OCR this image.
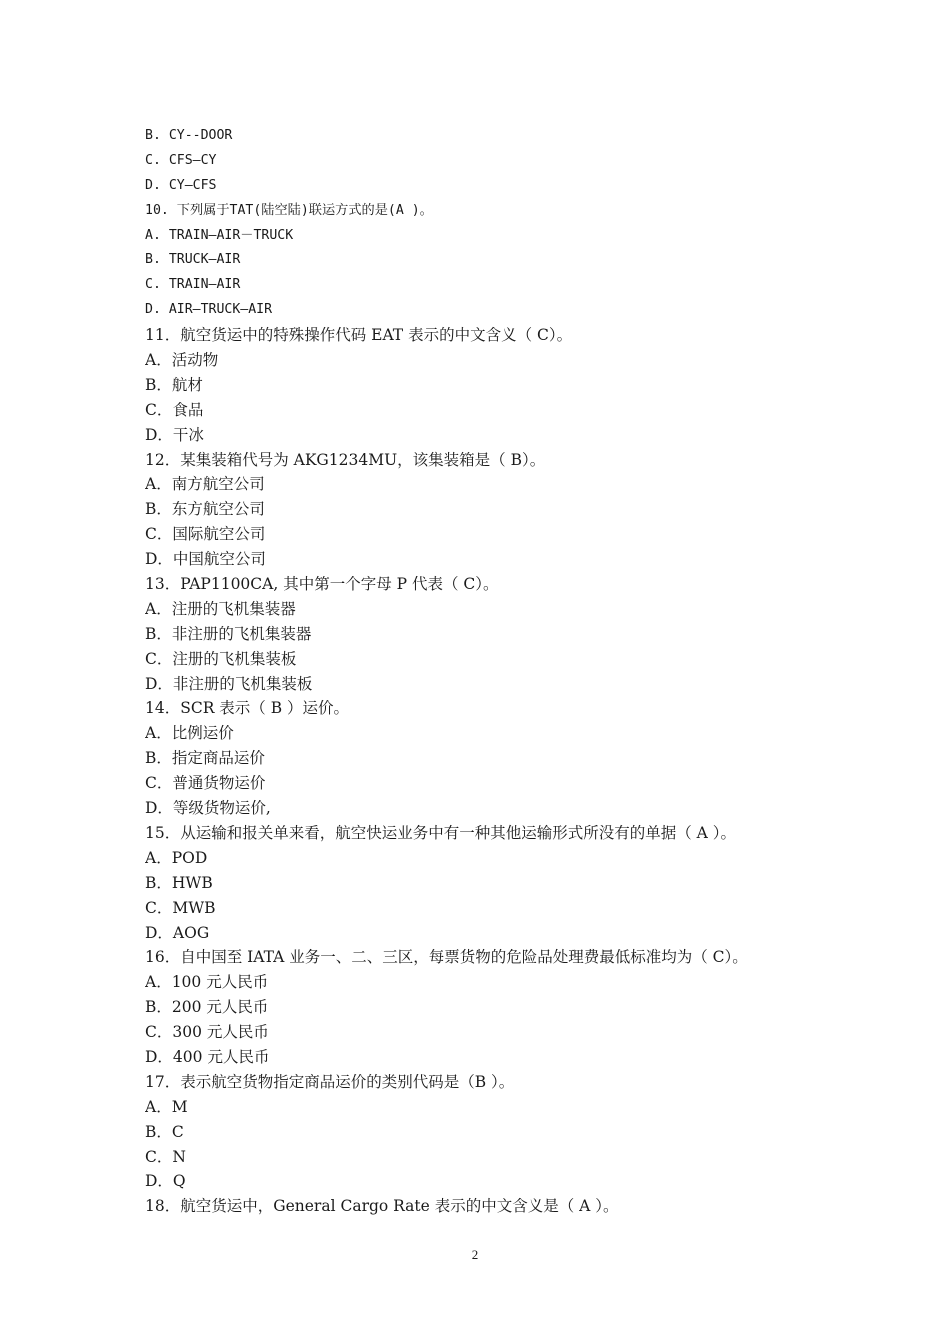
B. CY--DOOR
C. CFS—CY
D. CY—CFS
10. 下列属于TAT(陆空陆)联运方式的是(A )。
A. TRAIN—AIR－TRUCK
B. TRUCK—AIR
C. TRAIN—AIR
D. AIR—TRUCK—AIR
11．航空货运中的特殊操作代码 EAT 表示的中文含义（ C）。
A．活动物
B．航材
C．食品
D．干冰
12．某集装箱代号为 AKG1234MU，该集装箱是（ B）。
A．南方航空公司
B．东方航空公司
C．国际航空公司
D．中国航空公司
13．PAP1100CA, 其中第一个字母 P 代表（ C）。
A．注册的飞机集装器
B．非注册的飞机集装器
C．注册的飞机集装板
D．非注册的飞机集装板
14．SCR 表示（ B ）运价。
A．比例运价
B．指定商品运价
C．普通货物运价
D．等级货物运价,
15．从运输和报关单来看，航空快运业务中有一种其他运输形式所没有的单据（ A ）。
A．POD
B．HWB
C．MWB
D．AOG
16．自中国至 IATA 业务一、二、三区，每票货物的危险品处理费最低标准均为（ C）。
A．100 元人民币
B．200 元人民币
C．300 元人民币
D．400 元人民币
17．表示航空货物指定商品运价的类别代码是（B ）。
A．M
B．C
C．N
D．Q
18．航空货运中，General Cargo Rate 表示的中文含义是（ A ）。
2
